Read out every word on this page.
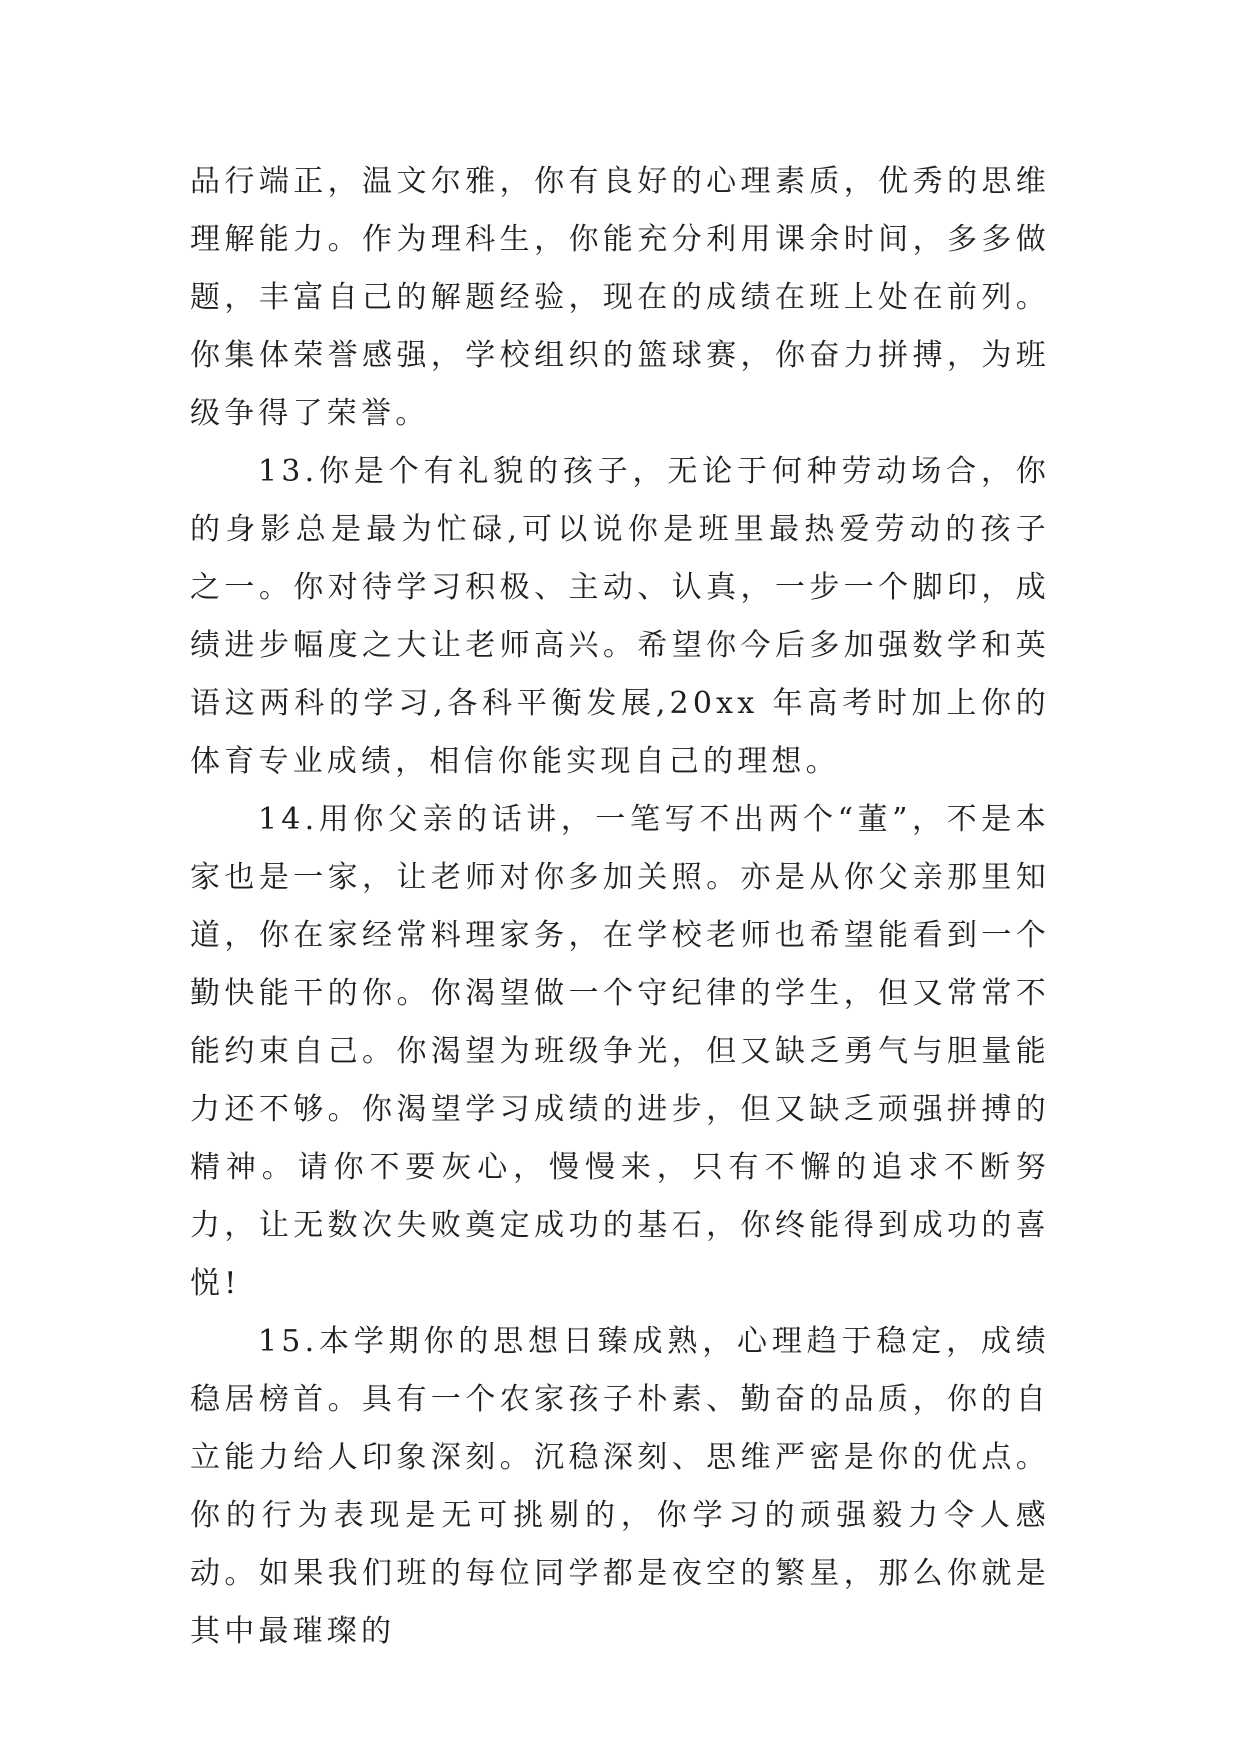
品行端正，温文尔雅，你有良好的心理素质，优秀的思维理解能力。作为理科生，你能充分利用课余时间，多多做题，丰富自己的解题经验，现在的成绩在班上处在前列。你集体荣誉感强，学校组织的篮球赛，你奋力拼搏，为班级争得了荣誉。

13.你是个有礼貌的孩子，无论于何种劳动场合，你的身影总是最为忙碌,可以说你是班里最热爱劳动的孩子之一。你对待学习积极、主动、认真，一步一个脚印，成绩进步幅度之大让老师高兴。希望你今后多加强数学和英语这两科的学习,各科平衡发展,20xx 年高考时加上你的体育专业成绩，相信你能实现自己的理想。

14.用你父亲的话讲，一笔写不出两个“董”，不是本家也是一家，让老师对你多加关照。亦是从你父亲那里知道，你在家经常料理家务，在学校老师也希望能看到一个勤快能干的你。你渴望做一个守纪律的学生，但又常常不能约束自己。你渴望为班级争光，但又缺乏勇气与胆量能力还不够。你渴望学习成绩的进步，但又缺乏顽强拼搏的精神。请你不要灰心，慢慢来，只有不懈的追求不断努力，让无数次失败奠定成功的基石，你终能得到成功的喜悦!

15.本学期你的思想日臻成熟，心理趋于稳定，成绩稳居榜首。具有一个农家孩子朴素、勤奋的品质，你的自立能力给人印象深刻。沉稳深刻、思维严密是你的优点。你的行为表现是无可挑剔的，你学习的顽强毅力令人感动。如果我们班的每位同学都是夜空的繁星，那么你就是其中最璀璨的
